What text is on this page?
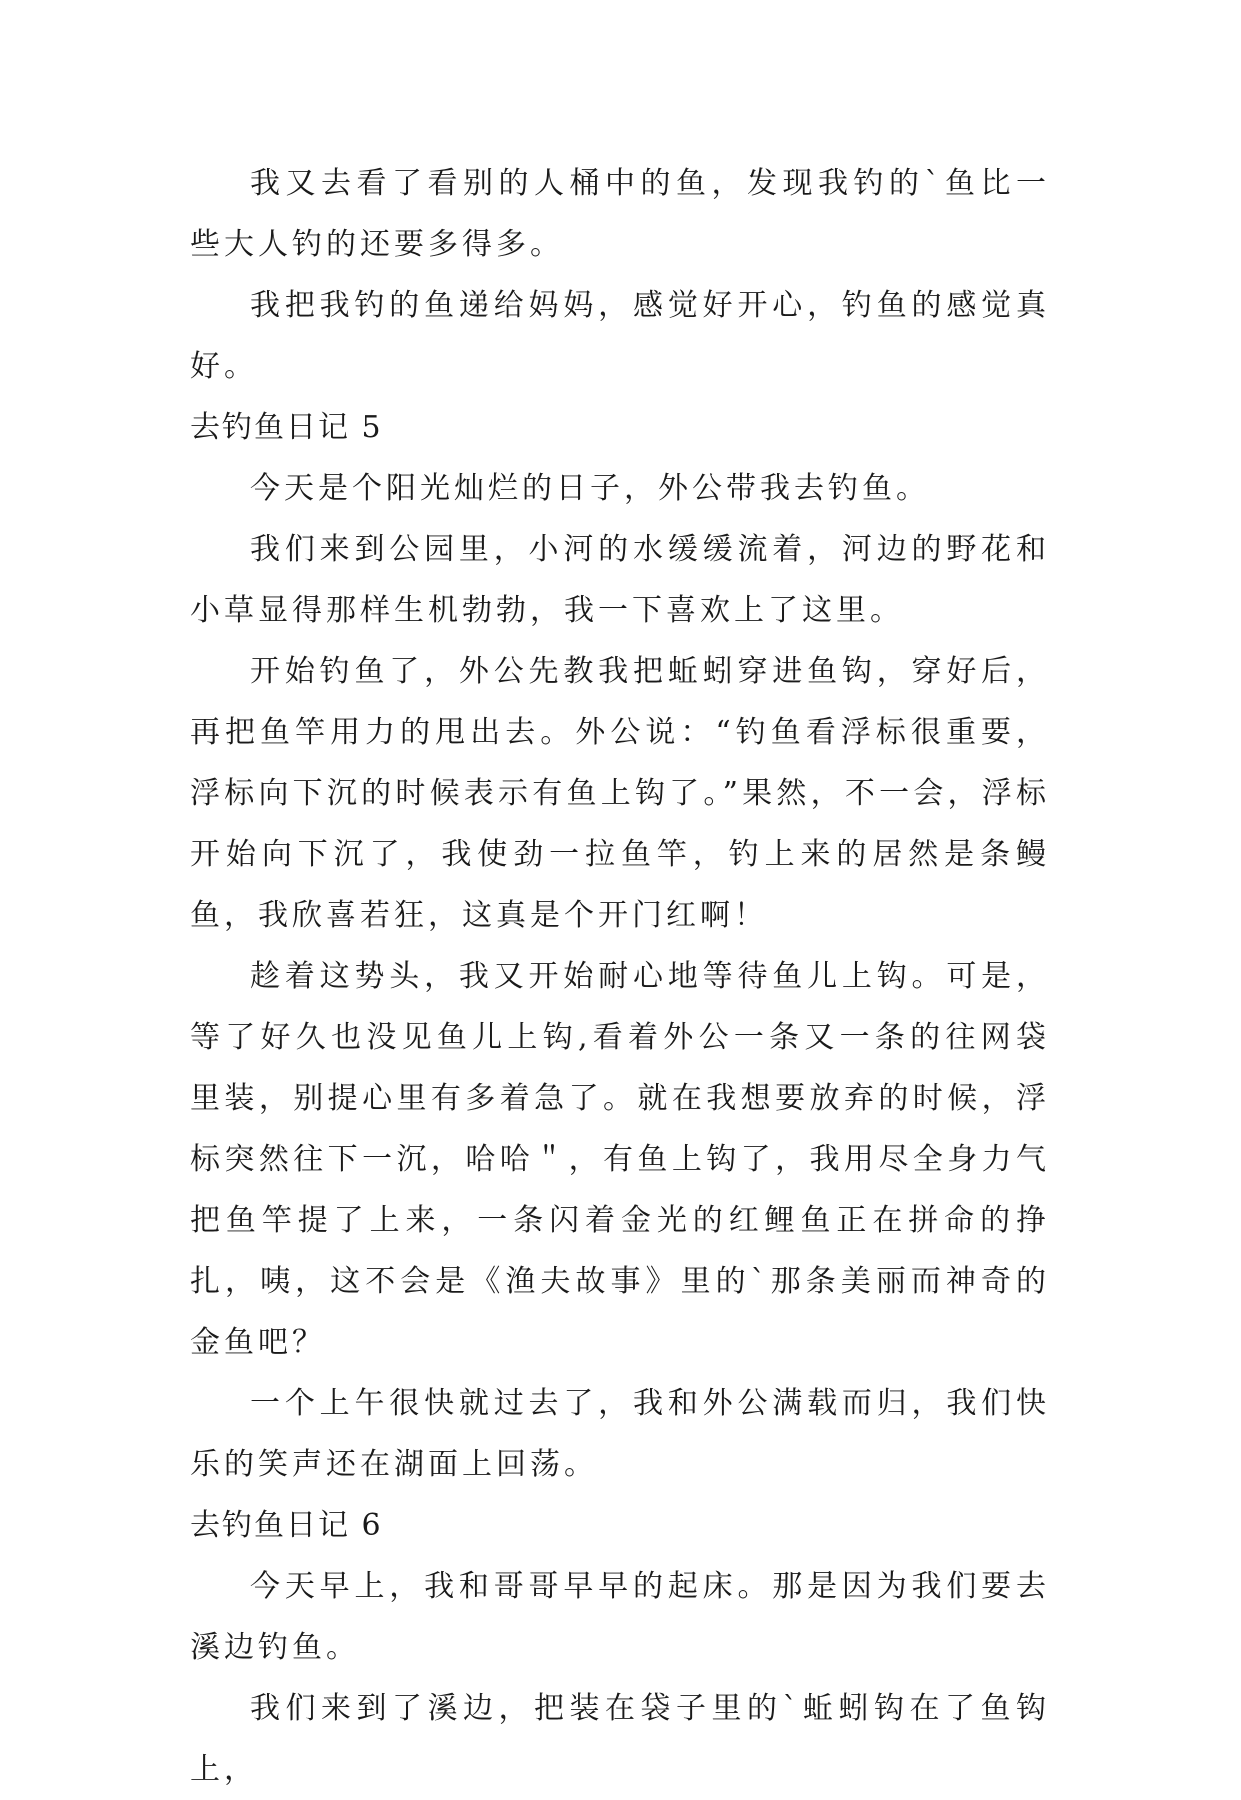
我又去看了看别的人桶中的鱼，发现我钓的`鱼比一些大人钓的还要多得多。

我把我钓的鱼递给妈妈，感觉好开心，钓鱼的感觉真好。

去钓鱼日记 5

今天是个阳光灿烂的日子，外公带我去钓鱼。

我们来到公园里，小河的水缓缓流着，河边的野花和小草显得那样生机勃勃，我一下喜欢上了这里。

开始钓鱼了，外公先教我把蚯蚓穿进鱼钩，穿好后，再把鱼竿用力的甩出去。外公说：“钓鱼看浮标很重要，浮标向下沉的时候表示有鱼上钩了。”果然，不一会，浮标开始向下沉了，我使劲一拉鱼竿，钓上来的居然是条鳗鱼，我欣喜若狂，这真是个开门红啊！

趁着这势头，我又开始耐心地等待鱼儿上钩。可是，等了好久也没见鱼儿上钩,看着外公一条又一条的往网袋里装，别提心里有多着急了。就在我想要放弃的时候，浮标突然往下一沉，哈哈＂，有鱼上钩了，我用尽全身力气把鱼竿提了上来，一条闪着金光的红鲤鱼正在拼命的挣扎，咦，这不会是《渔夫故事》里的`那条美丽而神奇的金鱼吧？

一个上午很快就过去了，我和外公满载而归，我们快乐的笑声还在湖面上回荡。

去钓鱼日记 6

今天早上，我和哥哥早早的起床。那是因为我们要去溪边钓鱼。

我们来到了溪边，把装在袋子里的`蚯蚓钩在了鱼钩上，
